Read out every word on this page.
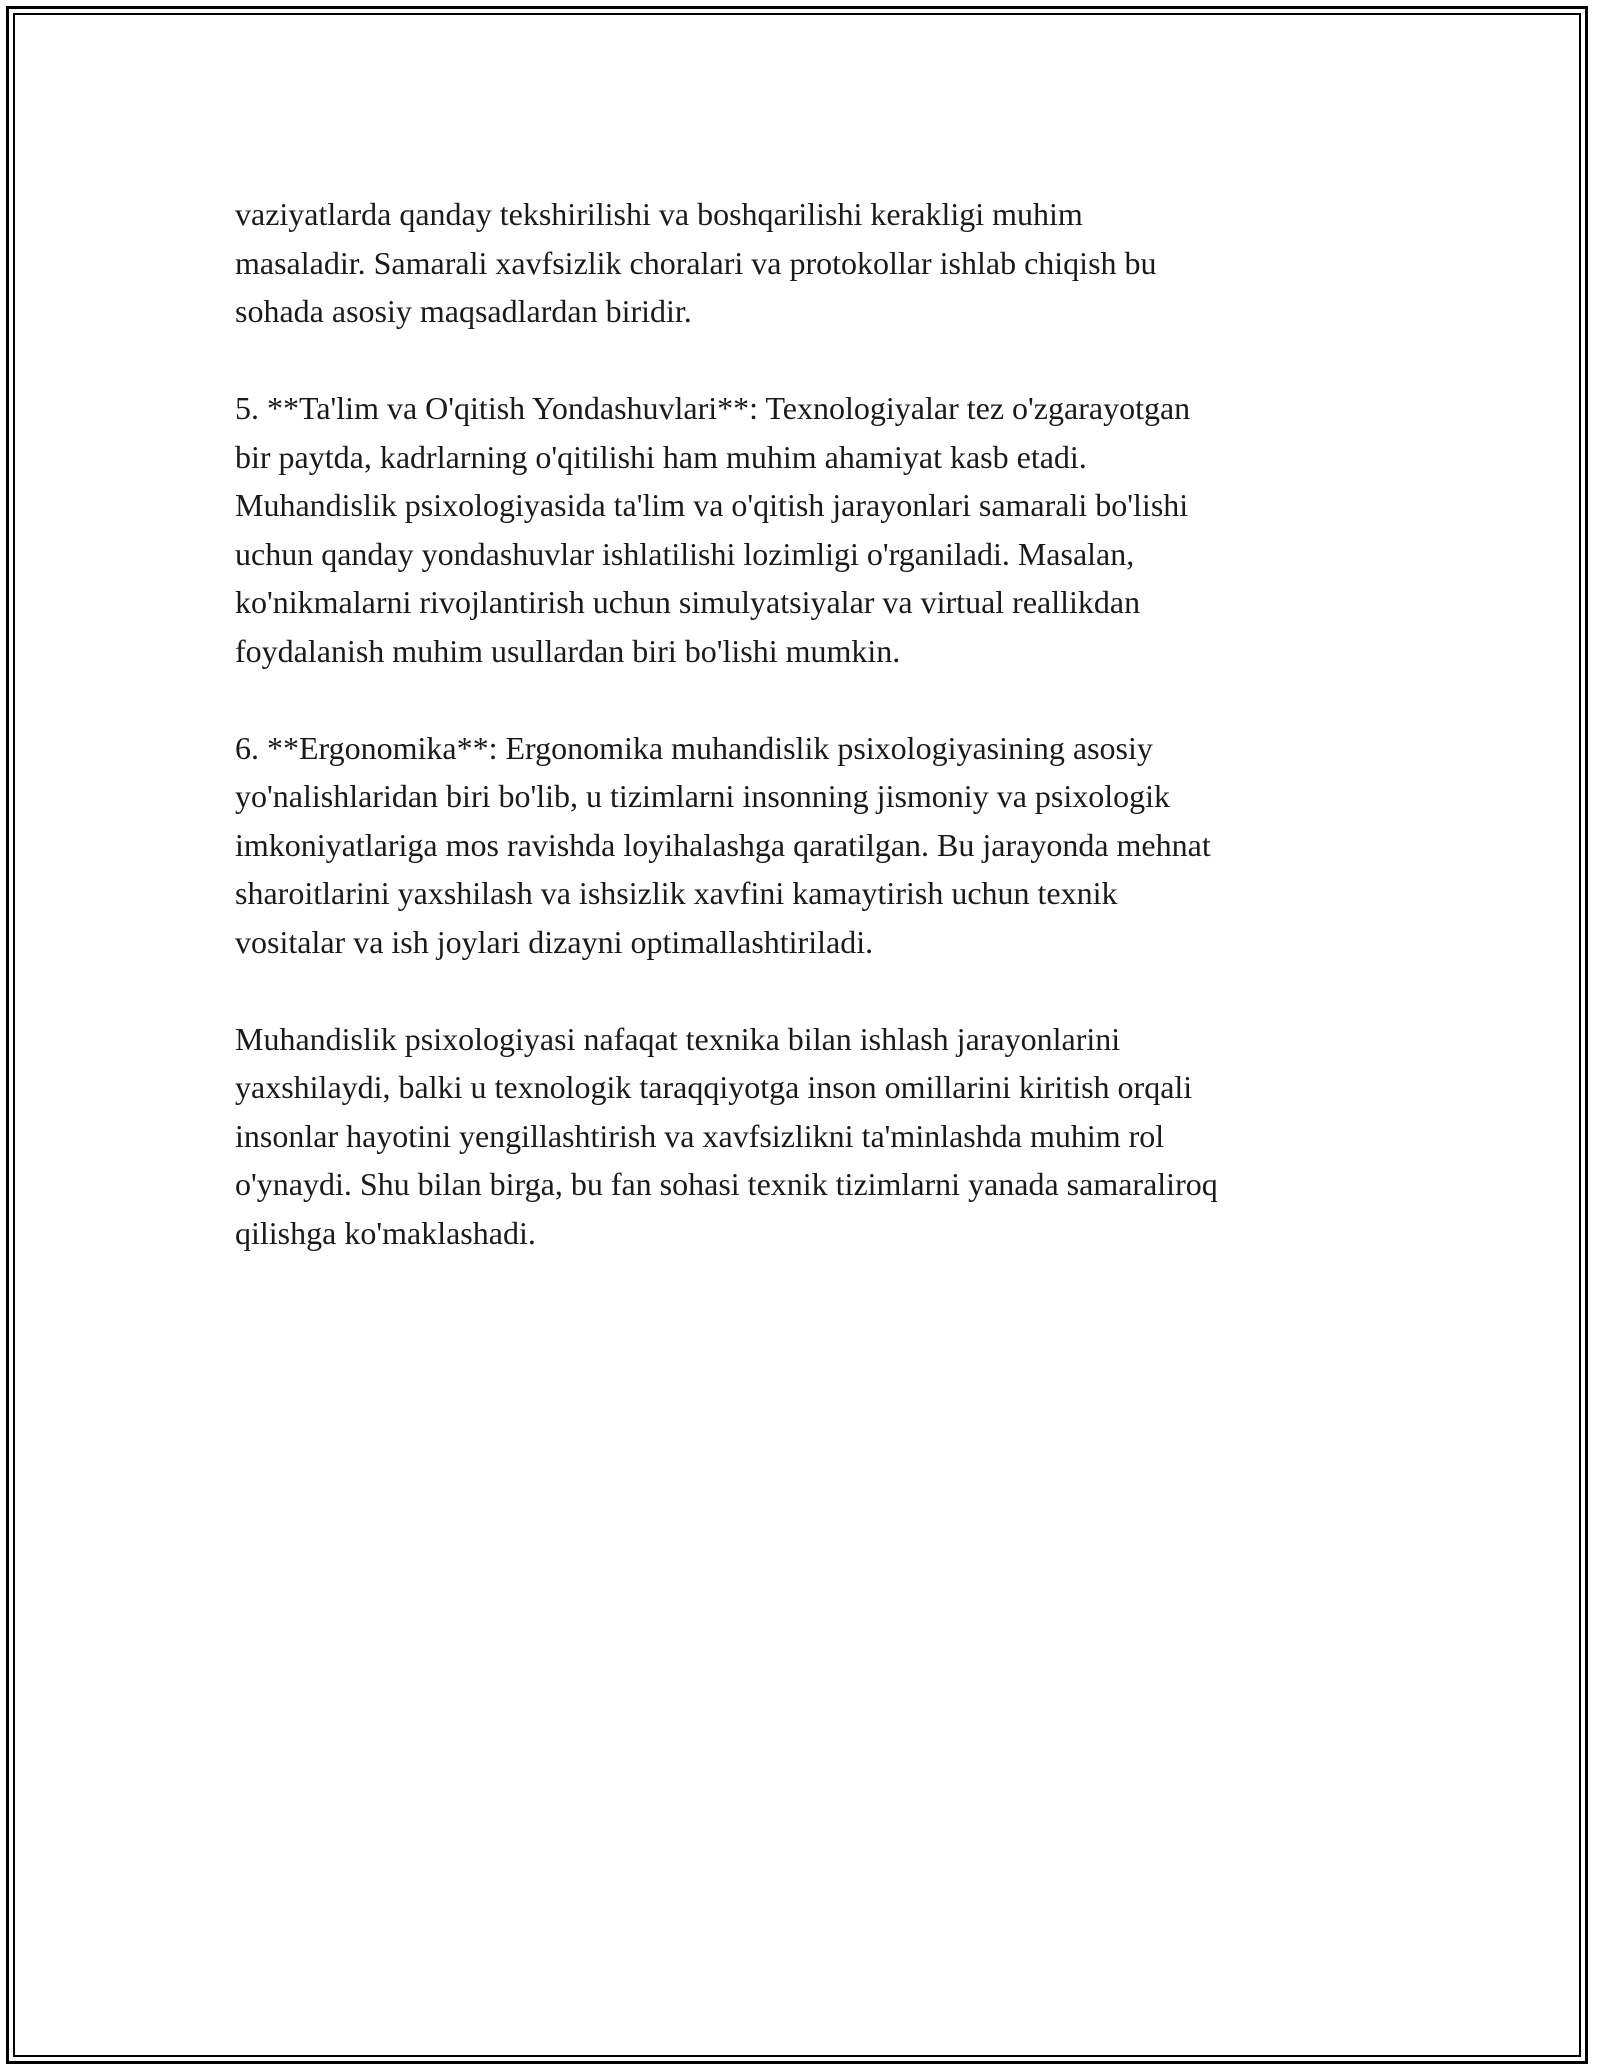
vaziyatlarda qanday tekshirilishi va boshqarilishi kerakligi muhim
masaladir. Samarali xavfsizlik choralari va protokollar ishlab chiqish bu
sohada asosiy maqsadlardan biridir.

5. **Ta'lim va O'qitish Yondashuvlari**: Texnologiyalar tez o'zgarayotgan
bir paytda, kadrlarning o'qitilishi ham muhim ahamiyat kasb etadi.
Muhandislik psixologiyasida ta'lim va o'qitish jarayonlari samarali bo'lishi
uchun qanday yondashuvlar ishlatilishi lozimligi o'rganiladi. Masalan,
ko'nikmalarni rivojlantirish uchun simulyatsiyalar va virtual reallikdan
foydalanish muhim usullardan biri bo'lishi mumkin.

6. **Ergonomika**: Ergonomika muhandislik psixologiyasining asosiy
yo'nalishlaridan biri bo'lib, u tizimlarni insonning jismoniy va psixologik
imkoniyatlariga mos ravishda loyihalashga qaratilgan. Bu jarayonda mehnat
sharoitlarini yaxshilash va ishsizlik xavfini kamaytirish uchun texnik
vositalar va ish joylari dizayni optimallashtiriladi.

Muhandislik psixologiyasi nafaqat texnika bilan ishlash jarayonlarini
yaxshilaydi, balki u texnologik taraqqiyotga inson omillarini kiritish orqali
insonlar hayotini yengillashtirish va xavfsizlikni ta'minlashda muhim rol
o'ynaydi. Shu bilan birga, bu fan sohasi texnik tizimlarni yanada samaraliroq
qilishga ko'maklashadi.
